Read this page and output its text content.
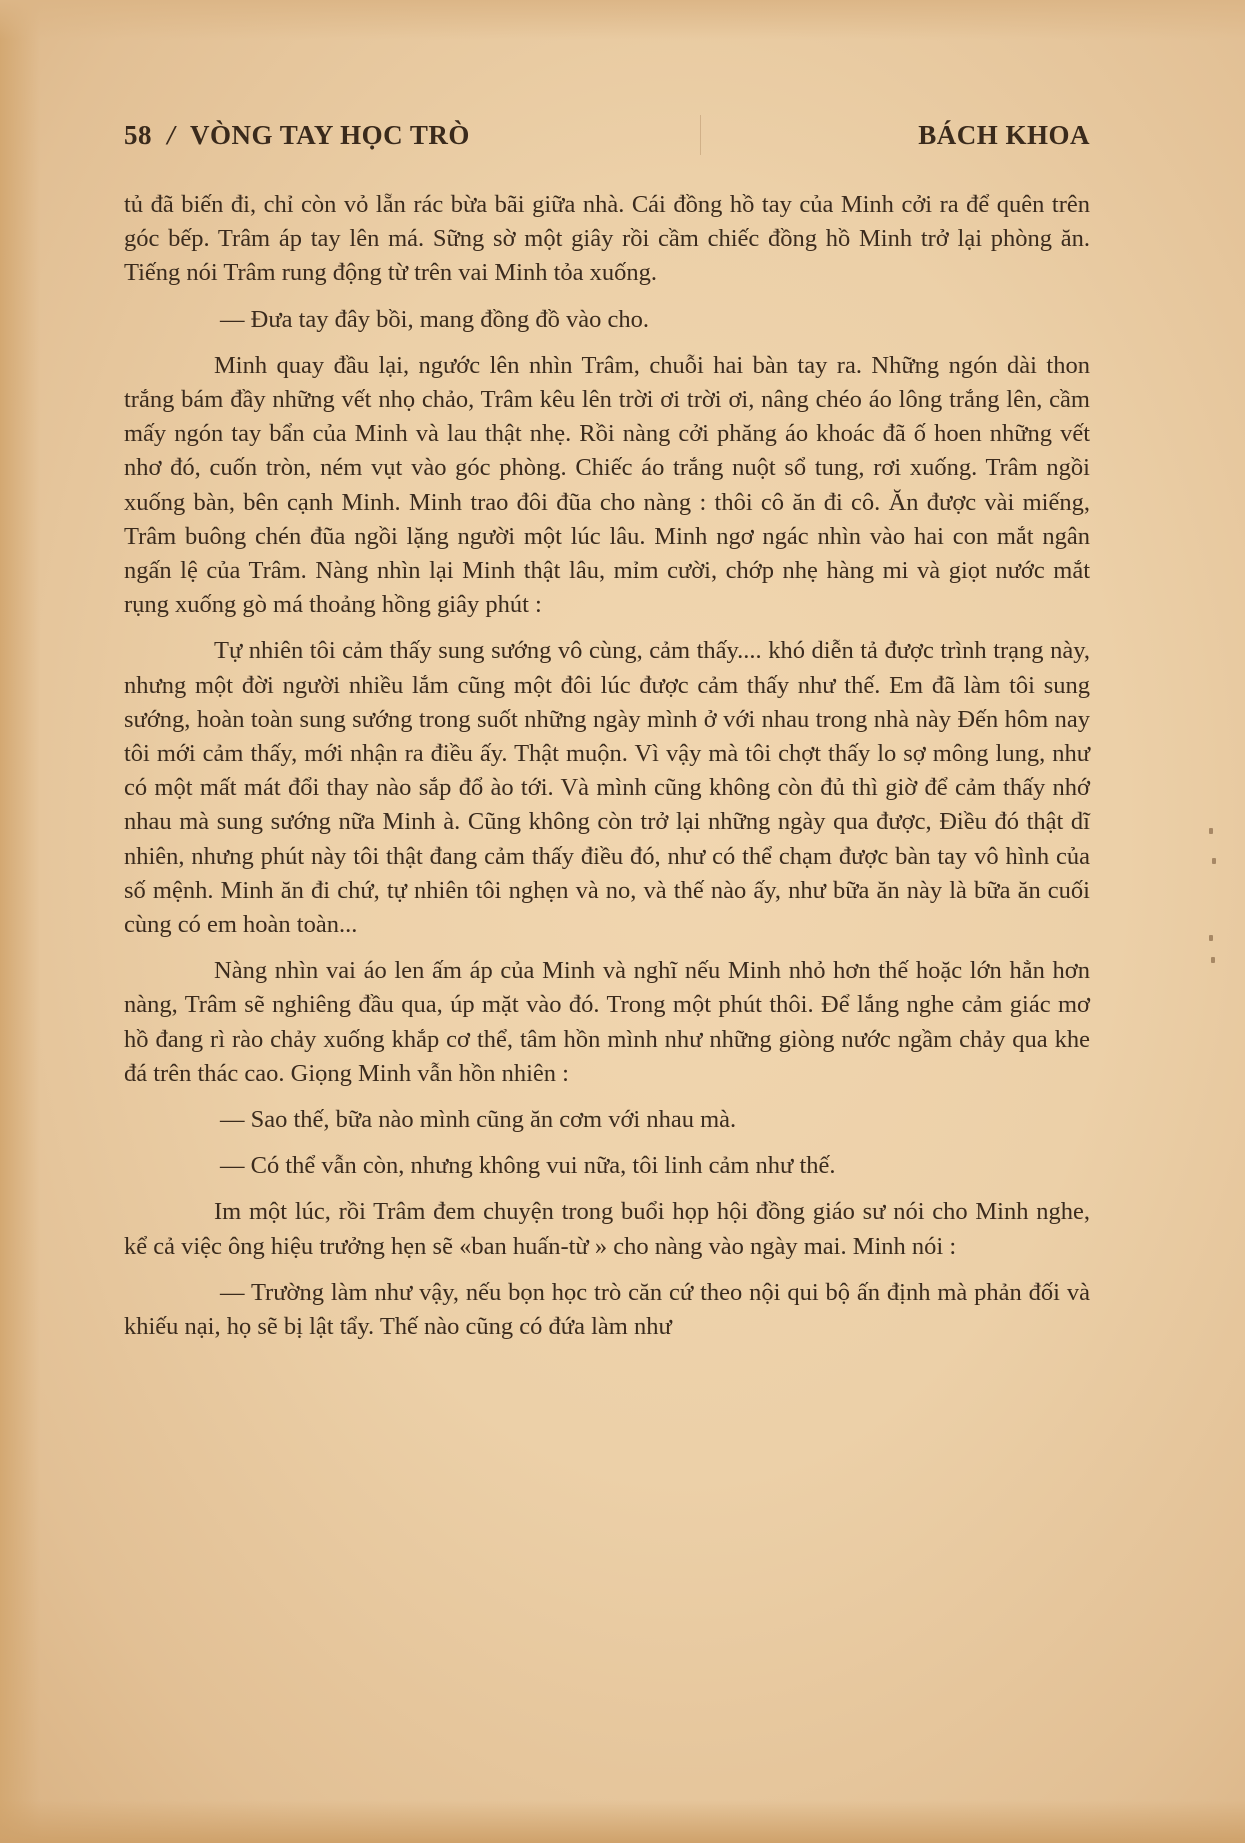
58 / VÒNG TAY HỌC TRÒ	BÁCH KHOA

tủ đã biến đi, chỉ còn vỏ lẵn rác bừa bãi giữa nhà. Cái đồng hồ tay của Minh cởi ra để quên trên góc bếp. Trâm áp tay lên má. Sững sờ một giây rồi cầm chiếc đồng hồ Minh trở lại phòng ăn. Tiếng nói Trâm rung động từ trên vai Minh tỏa xuống.

— Đưa tay đây bồi, mang đồng đồ vào cho.

Minh quay đầu lại, ngước lên nhìn Trâm, chuỗi hai bàn tay ra. Những ngón dài thon trắng bám đầy những vết nhọ chảo, Trâm kêu lên trời ơi trời ơi, nâng chéo áo lông trắng lên, cầm mấy ngón tay bẩn của Minh và lau thật nhẹ. Rồi nàng cởi phăng áo khoác đã ố hoen những vết nhơ đó, cuốn tròn, ném vụt vào góc phòng. Chiếc áo trắng nuột sổ tung, rơi xuống. Trâm ngồi xuống bàn, bên cạnh Minh. Minh trao đôi đũa cho nàng : thôi cô ăn đi cô. Ăn được vài miếng, Trâm buông chén đũa ngồi lặng người một lúc lâu. Minh ngơ ngác nhìn vào hai con mắt ngân ngấn lệ của Trâm. Nàng nhìn lại Minh thật lâu, mỉm cười, chớp nhẹ hàng mi và giọt nước mắt rụng xuống gò má thoảng hồng giây phút :

Tự nhiên tôi cảm thấy sung sướng vô cùng, cảm thấy.... khó diễn tả được trình trạng này, nhưng một đời người nhiều lắm cũng một đôi lúc được cảm thấy như thế. Em đã làm tôi sung sướng, hoàn toàn sung sướng trong suốt những ngày mình ở với nhau trong nhà này Đến hôm nay tôi mới cảm thấy, mới nhận ra điều ấy. Thật muộn. Vì vậy mà tôi chợt thấy lo sợ mông lung, như có một mất mát đổi thay nào sắp đổ ào tới. Và mình cũng không còn đủ thì giờ để cảm thấy nhớ nhau mà sung sướng nữa Minh à. Cũng không còn trở lại những ngày qua được, Điều đó thật dĩ nhiên, nhưng phút này tôi thật đang cảm thấy điều đó, như có thể chạm được bàn tay vô hình của số mệnh. Minh ăn đi chứ, tự nhiên tôi nghẹn và no, và thế nào ấy, như bữa ăn này là bữa ăn cuối cùng có em hoàn toàn...

Nàng nhìn vai áo len ấm áp của Minh và nghĩ nếu Minh nhỏ hơn thế hoặc lớn hẳn hơn nàng, Trâm sẽ nghiêng đầu qua, úp mặt vào đó. Trong một phút thôi. Để lắng nghe cảm giác mơ hồ đang rì rào chảy xuống khắp cơ thể, tâm hồn mình như những giòng nước ngầm chảy qua khe đá trên thác cao. Giọng Minh vẫn hồn nhiên :

— Sao thế, bữa nào mình cũng ăn cơm với nhau mà.

— Có thể vẫn còn, nhưng không vui nữa, tôi linh cảm như thế.

Im một lúc, rồi Trâm đem chuyện trong buổi họp hội đồng giáo sư nói cho Minh nghe, kể cả việc ông hiệu trưởng hẹn sẽ «ban huấn-từ » cho nàng vào ngày mai. Minh nói :

— Trường làm như vậy, nếu bọn học trò căn cứ theo nội qui bộ ấn định mà phản đối và khiếu nại, họ sẽ bị lật tẩy. Thế nào cũng có đứa làm như
